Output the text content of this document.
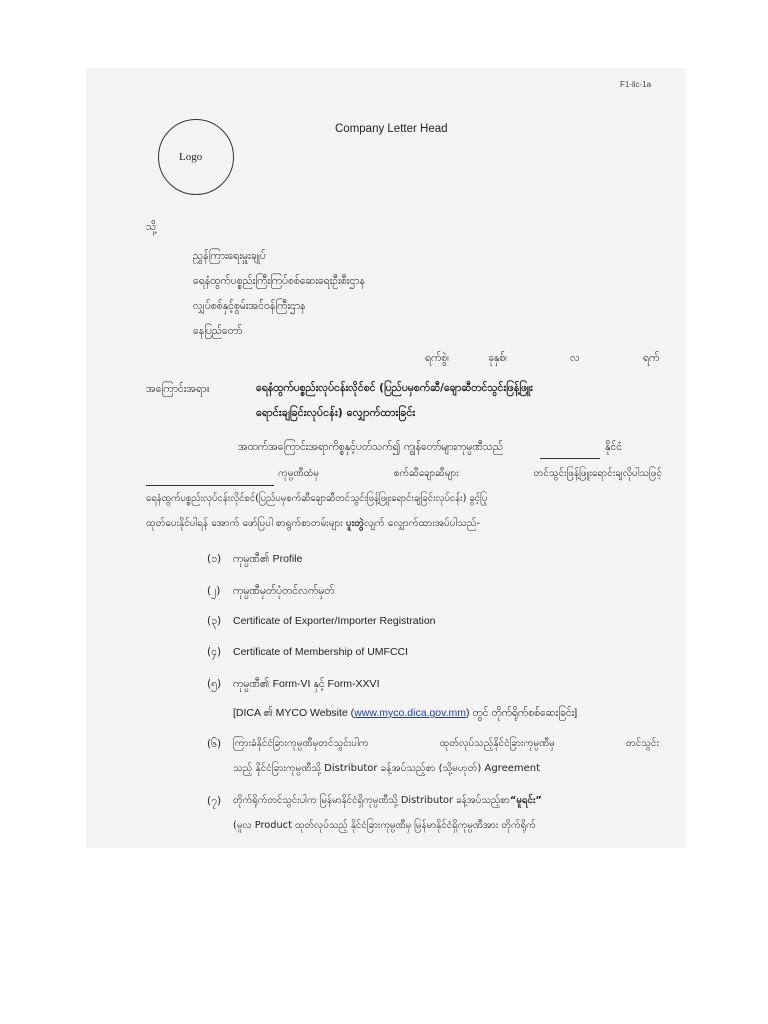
F1-lic-1a
Company Letter Head
Logo
သို့
ညွှန်ကြားရေးမှူးချုပ်
ရေနံထွက်ပစ္စည်းကြီးကြပ်စစ်ဆေးရေးဦးစီးဌာန
လျှပ်စစ်နှင့်စွမ်းအင်ဝန်ကြီးဌာန
နေပြည်တော်
ရက်စွဲ၊	ခုနှစ်၊	လ	ရက်
အကြောင်းအရာ။	ရေနံထွက်ပစ္စည်းလုပ်ငန်းလိုင်စင် (ပြည်ပမှစက်ဆီ/ချောဆီတင်သွင်းဖြန့်ဖြူး
ရောင်းချခြင်းလုပ်ငန်း) လျှောက်ထားခြင်း
အထက်အကြောင်းအရာကိစ္စနှင့်ပတ်သက်၍ ကျွန်တော်များကုမ္ပဏီသည်	နိုင်ငံ
ကုမ္ပဏီထံမှ စက်ဆီချောဆီများ တင်သွင်းဖြန့်ဖြူးရောင်းချလိုပါသဖြင့်
ရေနံထွက်ပစ္စည်းလုပ်ငန်းလိုင်စင်(ပြည်ပမှစက်ဆီချောဆီတင်သွင်းဖြန့်ဖြူးရောင်းချခြင်းလုပ်ငန်း) ခွင့်ပြု
ထုတ်ပေးနိုင်ပါရန် အောက် ဖော်ပြပါ စာရွက်စာတမ်းများ ပူးတွဲလျက် လျှောက်ထားအပ်ပါသည်-
(၁) ကုမ္ပဏီ၏ Profile
(၂) ကုမ္ပဏီမှတ်ပုံတင်လက်မှတ်
(၃) Certificate of Exporter/Importer Registration
(၄) Certificate of Membership of UMFCCI
(၅) ကုမ္ပဏီ၏ Form-VI နှင့် Form-XXVI
[DICA ၏ MYCO Website (www.myco.dica.gov.mm) တွင် တိုက်ရိုက်စစ်ဆေးခြင်း]
(၆) ကြားခံနိုင်ငံခြားကုမ္ပဏီမှတင်သွင်းပါက ထုတ်လုပ်သည့်နိုင်ငံခြားကုမ္ပဏီမှ တင်သွင်း
သည့် နိုင်ငံခြားကုမ္ပဏီသို့ Distributor ခန့်အပ်သည့်စာ (သို့မဟုတ်) Agreement
(၇) တိုက်ရိုက်တင်သွင်းပါက မြန်မာနိုင်ငံရှိကုမ္ပဏီသို့ Distributor ခန့်အပ်သည့်စာ“မူရင်း”
(မူလ Product ထုတ်လုပ်သည့် နိုင်ငံခြားကုမ္ပဏီမှ မြန်မာနိုင်ငံရှိကုမ္ပဏီအား တိုက်ရိုက်
